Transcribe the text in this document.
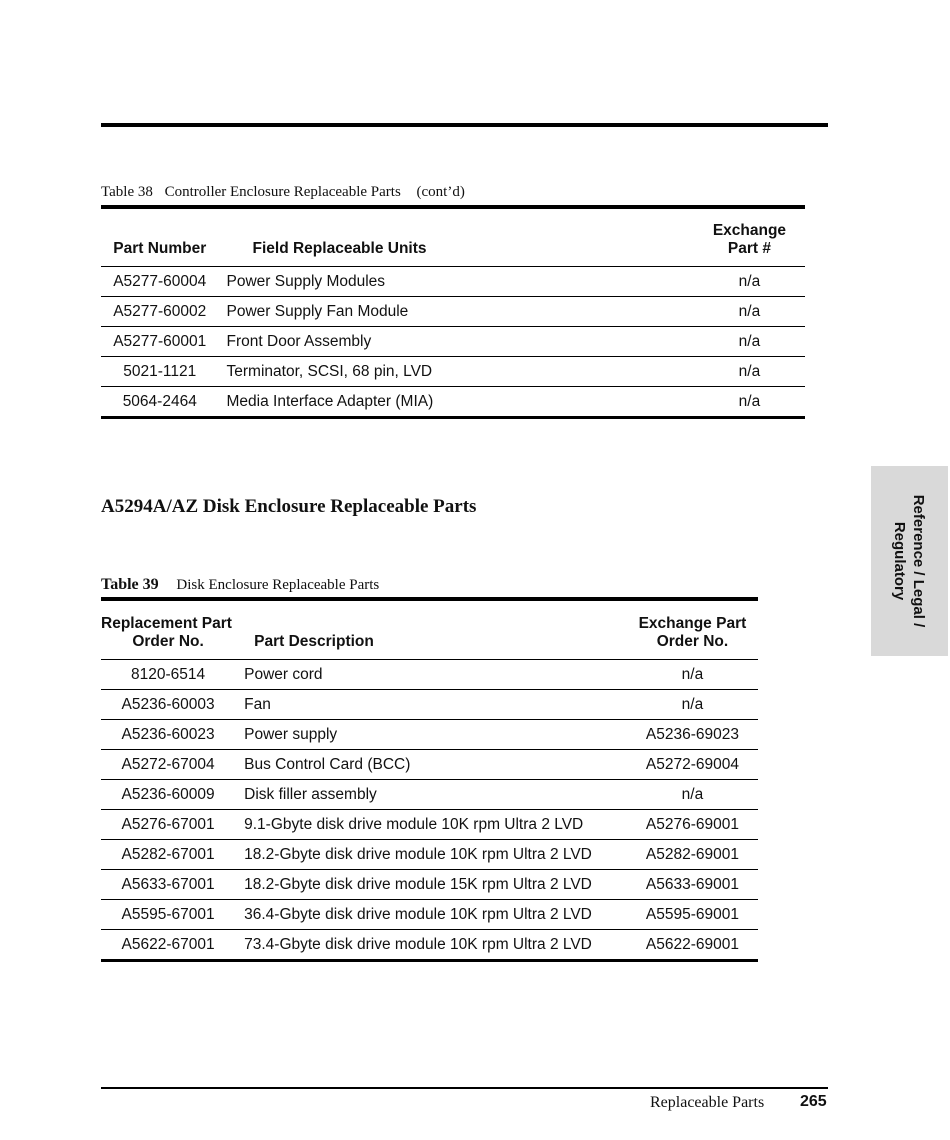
Table 38 Controller Enclosure Replaceable Parts (cont’d)
Part Number	Field Replaceable Units	Exchange
Part #

A5277-60004	Power Supply Modules	n/a
A5277-60002	Power Supply Fan Module	n/a
A5277-60001	Front Door Assembly	n/a
5021-1121	Terminator, SCSI, 68 pin, LVD	n/a
5064-2464	Media Interface Adapter (MIA)	n/a
A5294A/AZ Disk Enclosure Replaceable Parts
Table 39 Disk Enclosure Replaceable Parts
Replacement Part
Order No.	Part Description	Exchange Part
Order No.

8120-6514	Power cord	n/a
A5236-60003	Fan	n/a
A5236-60023	Power supply	A5236-69023
A5272-67004	Bus Control Card (BCC)	A5272-69004
A5236-60009	Disk filler assembly	n/a
A5276-67001	9.1-Gbyte disk drive module 10K rpm Ultra 2 LVD	A5276-69001
A5282-67001	18.2-Gbyte disk drive module 10K rpm Ultra 2 LVD	A5282-69001
A5633-67001	18.2-Gbyte disk drive module 15K rpm Ultra 2 LVD	A5633-69001
A5595-67001	36.4-Gbyte disk drive module 10K rpm Ultra 2 LVD	A5595-69001
A5622-67001	73.4-Gbyte disk drive module 10K rpm Ultra 2 LVD	A5622-69001
Reference / Legal /
Regulatory
Replaceable Parts 265
